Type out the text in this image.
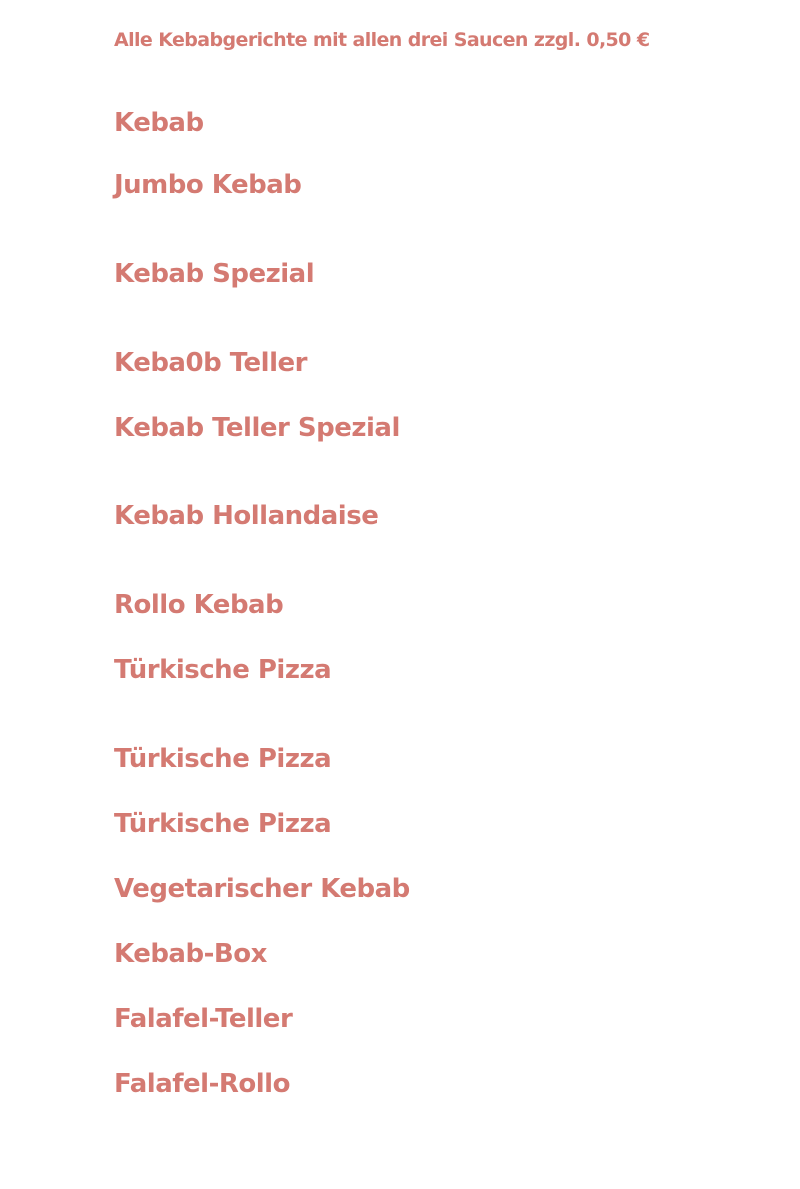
Alle Kebabgerichte mit allen drei Saucen zzgl. 0,50 €
Kebab
Jumbo Kebab
Kebab Spezial
Keba0b Teller
Kebab Teller Spezial
Kebab Hollandaise
Rollo Kebab
Türkische Pizza
Türkische Pizza
Türkische Pizza
Vegetarischer Kebab
Kebab-Box
Falafel-Teller
Falafel-Rollo
